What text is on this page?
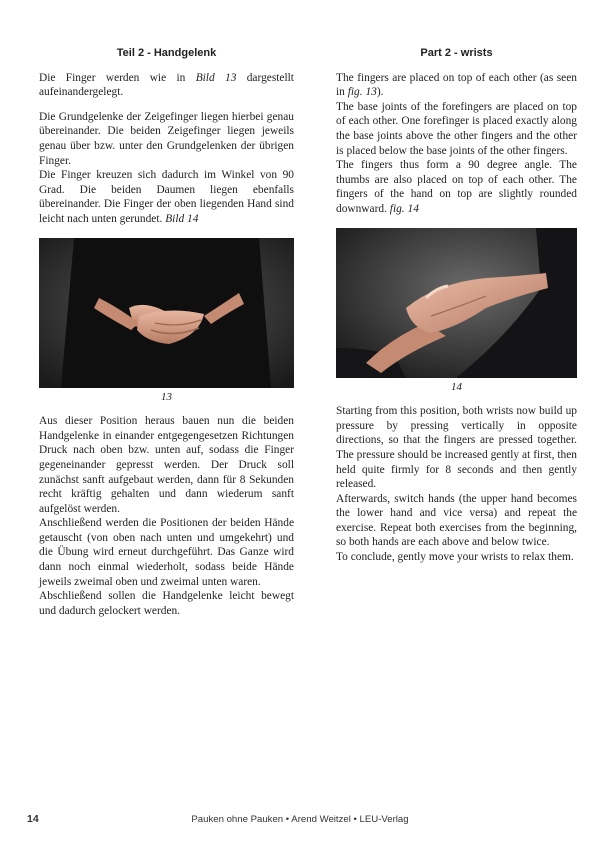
Teil 2 - Handgelenk

Die Finger werden wie in Bild 13 dargestellt aufeinandergelegt.

Die Grundgelenke der Zeigefinger liegen hierbei genau übereinander. Die beiden Zeigefinger liegen jeweils genau über bzw. unter den Grundgelenken der übrigen Finger.

Die Finger kreuzen sich dadurch im Winkel von 90 Grad. Die beiden Daumen liegen ebenfalls übereinander. Die Finger der oben liegenden Hand sind leicht nach unten gerundet. Bild 14

13

Aus dieser Position heraus bauen nun die beiden Handgelenke in einander entgegengesetzen Richtungen Druck nach oben bzw. unten auf, sodass die Finger gegeneinander gepresst werden. Der Druck soll zunächst sanft aufgebaut werden, dann für 8 Sekunden recht kräftig gehalten und dann wiederum sanft aufgelöst werden.

Anschließend werden die Positionen der beiden Hände getauscht (von oben nach unten und umgekehrt) und die Übung wird erneut durchgeführt. Das Ganze wird dann noch einmal wiederholt, sodass beide Hände jeweils zweimal oben und zweimal unten waren.

Abschließend sollen die Handgelenke leicht bewegt und dadurch gelockert werden.

Part 2 - wrists

The fingers are placed on top of each other (as seen in fig. 13).

The base joints of the forefingers are placed on top of each other. One forefinger is placed exactly along the base joints above the other fingers and the other is placed below the base joints of the other fingers.

The fingers thus form a 90 degree angle. The thumbs are also placed on top of each other. The fingers of the hand on top are slightly rounded downward. fig. 14

14

Starting from this position, both wrists now build up pressure by pressing vertically in opposite directions, so that the fingers are pressed together. The pressure should be increased gently at first, then held quite firmly for 8 seconds and then gently released.

Afterwards, switch hands (the upper hand becomes the lower hand and vice versa) and repeat the exercise. Repeat both exercises from the beginning, so both hands are each above and below twice.

To conclude, gently move your wrists to relax them.

14	Pauken ohne Pauken • Arend Weitzel • LEU-Verlag
